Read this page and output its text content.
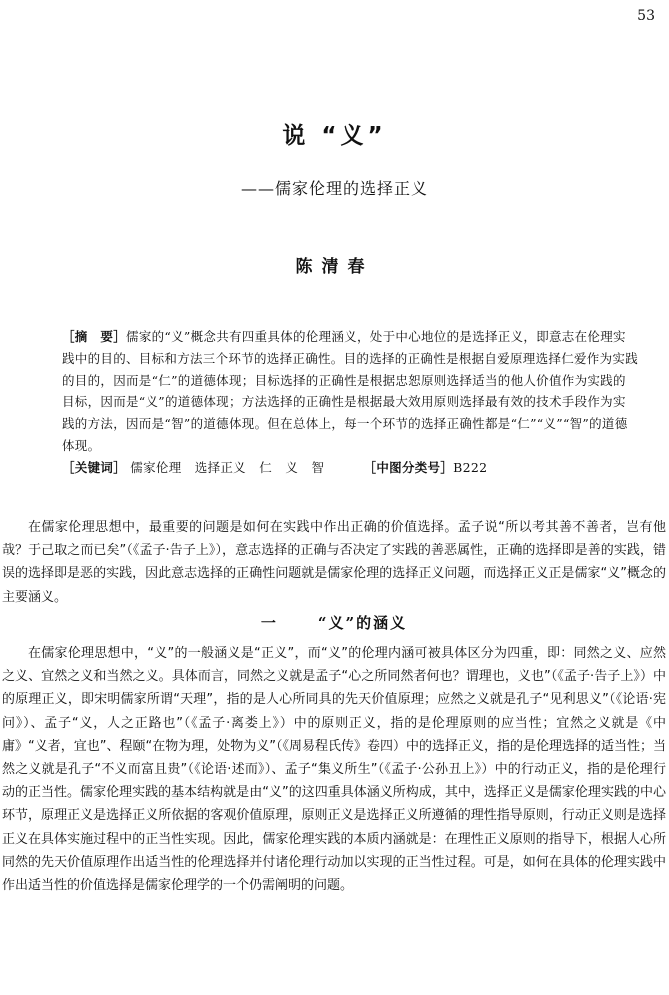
53
说 “义”
——儒家伦理的选择正义
陈清春

［摘　要］儒家的“义”概念共有四重具体的伦理涵义，处于中心地位的是选择正义，即意志在伦理实践中的目的、目标和方法三个环节的选择正确性。目的选择的正确性是根据自爱原理选择仁爱作为实践的目的，因而是“仁”的道德体现；目标选择的正确性是根据忠恕原则选择适当的他人价值作为实践的目标，因而是“义”的道德体现；方法选择的正确性是根据最大效用原则选择最有效的技术手段作为实践的方法，因而是“智”的道德体现。但在总体上，每一个环节的选择正确性都是“仁”“义”“智”的道德体现。

［关键词］ 儒家伦理 选择正义 仁 义 智	［中图分类号］B222

在儒家伦理思想中，最重要的问题是如何在实践中作出正确的价值选择。孟子说“所以考其善不善者，岂有他哉？于己取之而已矣”（《孟子·告子上》），意志选择的正确与否决定了实践的善恶属性，正确的选择即是善的实践，错误的选择即是恶的实践，因此意志选择的正确性问题就是儒家伦理的选择正义问题，而选择正义正是儒家“义”概念的主要涵义。

一	“义”的涵义

在儒家伦理思想中，“义”的一般涵义是“正义”，而“义”的伦理内涵可被具体区分为四重，即：同然之义、应然之义、宜然之义和当然之义。具体而言，同然之义就是孟子“心之所同然者何也？谓理也，义也”（《孟子·告子上》）中的原理正义，即宋明儒家所谓“天理”，指的是人心所同具的先天价值原理；应然之义就是孔子“见利思义”（《论语·宪问》）、孟子“义，人之正路也”（《孟子·离娄上》）中的原则正义，指的是伦理原则的应当性；宜然之义就是《中庸》“义者，宜也”、程颐“在物为理，处物为义”（《周易程氏传》卷四）中的选择正义，指的是伦理选择的适当性；当然之义就是孔子“不义而富且贵”（《论语·述而》）、孟子“集义所生”（《孟子·公孙丑上》）中的行动正义，指的是伦理行动的正当性。儒家伦理实践的基本结构就是由“义”的这四重具体涵义所构成，其中，选择正义是儒家伦理实践的中心环节，原理正义是选择正义所依据的客观价值原理，原则正义是选择正义所遵循的理性指导原则，行动正义则是选择正义在具体实施过程中的正当性实现。因此，儒家伦理实践的本质内涵就是：在理性正义原则的指导下，根据人心所同然的先天价值原理作出适当性的伦理选择并付诸伦理行动加以实现的正当性过程。可是，如何在具体的伦理实践中作出适当性的价值选择是儒家伦理学的一个仍需阐明的问题。
